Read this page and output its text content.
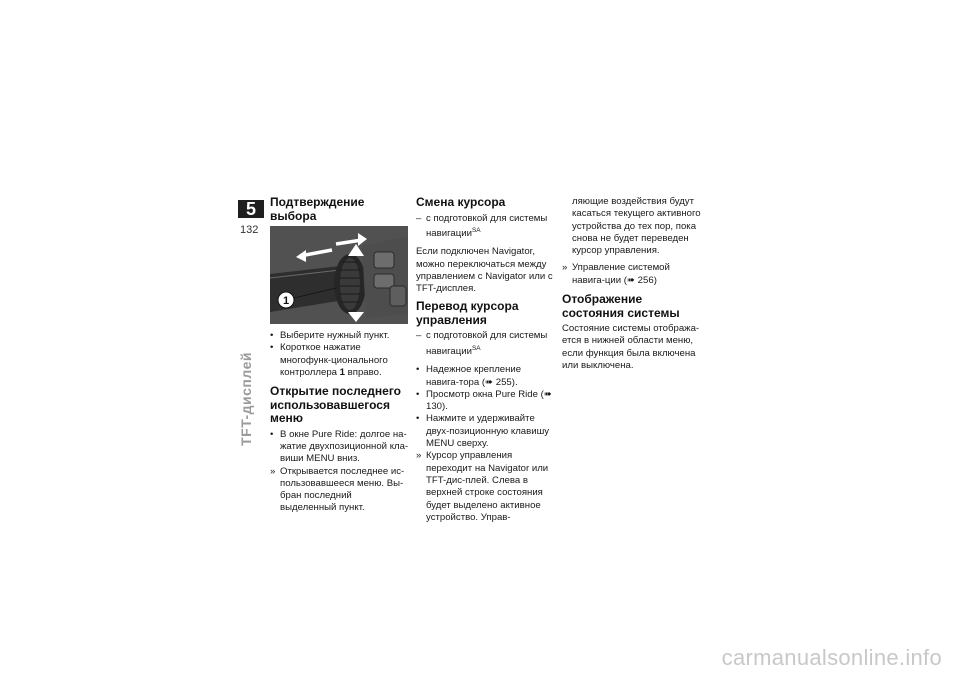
5
132
TFT-дисплей
Подтверждение выбора
1
• Выберите нужный пункт.
• Короткое нажатие многофунк-ционального контроллера 1 вправо.
Открытие последнего использовавшегося меню
• В окне Pure Ride: долгое на-жатие двухпозиционной кла-виши MENU вниз.
» Открывается последнее ис-пользовавшееся меню. Вы-бран последний выделенный пункт.
Смена курсора
– с подготовкой для системы навигации$^{SA}$

Если подключен Navigator, можно переключаться между управлением с Navigator или с TFT-дисплея.

Перевод курсора управления
– с подготовкой для системы навигации$^{SA}$
• Надежное крепление навига-тора (➠ 255).
• Просмотр окна Pure Ride (➠ 130).
• Нажмите и удерживайте двух-позиционную клавишу MENU сверху.
» Курсор управления переходит на Navigator или TFT-дис-плей. Слева в верхней строке состояния будет выделено активное устройство. Управ-

ляющие воздействия будут касаться текущего активного устройства до тех пор, пока снова не будет переведен курсор управления.

» Управление системой навига-ции (➠ 256)
Отображение состояния системы

Состояние системы отобража-ется в нижней области меню, если функция была включена или выключена.

carmanualsonline.info
